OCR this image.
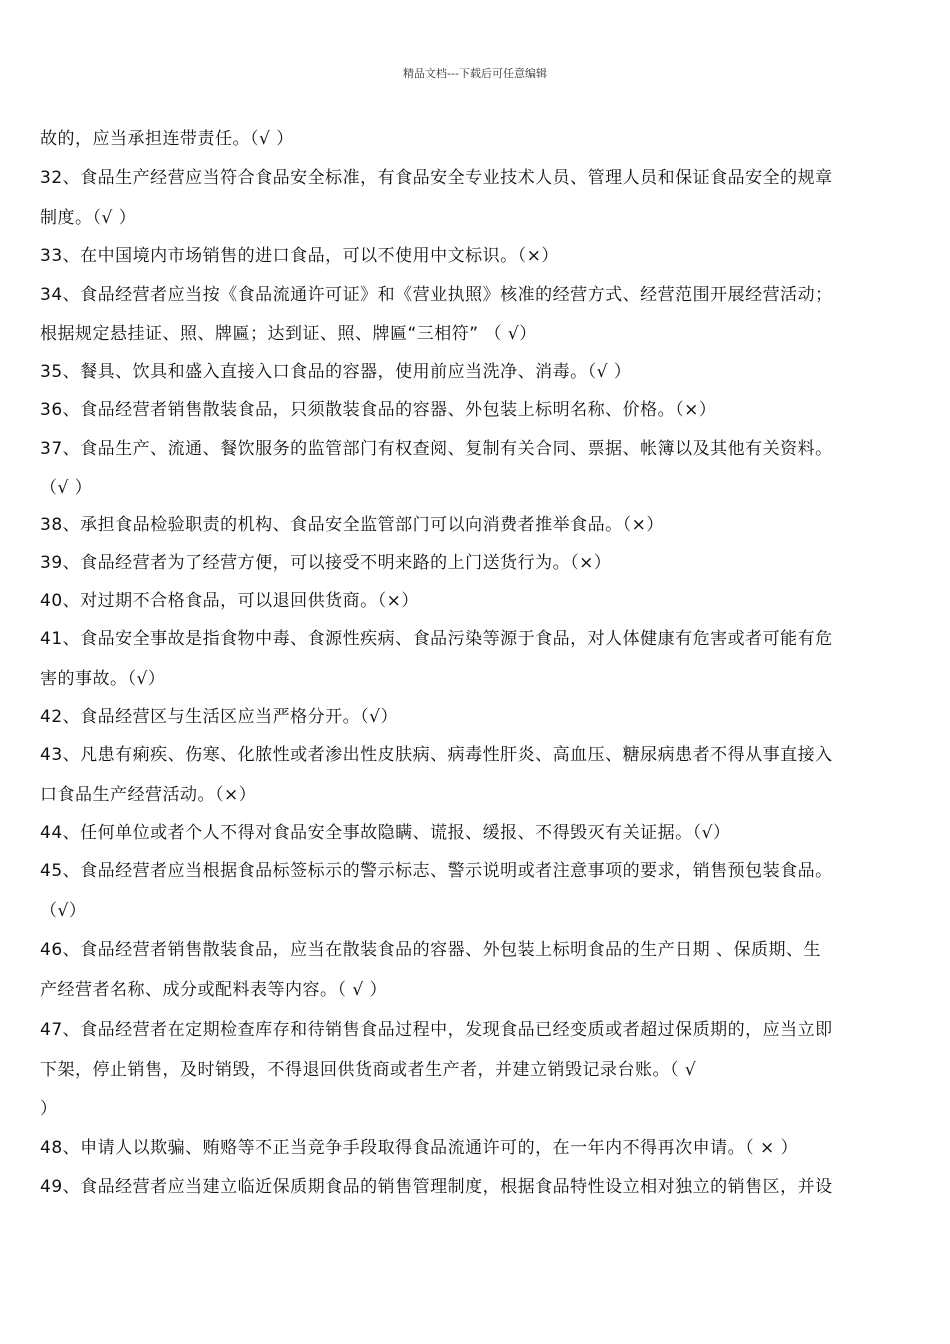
精品文档---下载后可任意编辑
故的，应当承担连带责任。（√ ）
32、食品生产经营应当符合食品安全标准，有食品安全专业技术人员、管理人员和保证食品安全的规章
制度。（√ ）
33、在中国境内市场销售的进口食品，可以不使用中文标识。（×）
34、食品经营者应当按《食品流通许可证》和《营业执照》核准的经营方式、经营范围开展经营活动；
根据规定悬挂证、照、牌匾；达到证、照、牌匾“三相符” （ √）
35、餐具、饮具和盛入直接入口食品的容器，使用前应当洗净、消毒。（√ ）
36、食品经营者销售散装食品，只须散装食品的容器、外包装上标明名称、价格。（×）
37、食品生产、流通、餐饮服务的监管部门有权查阅、复制有关合同、票据、帐簿以及其他有关资料。
（√ ）
38、承担食品检验职责的机构、食品安全监管部门可以向消费者推举食品。（×）
39、食品经营者为了经营方便，可以接受不明来路的上门送货行为。（×）
40、对过期不合格食品，可以退回供货商。（×）
41、食品安全事故是指食物中毒、食源性疾病、食品污染等源于食品，对人体健康有危害或者可能有危
害的事故。（√）
42、食品经营区与生活区应当严格分开。（√）
43、凡患有痢疾、伤寒、化脓性或者渗出性皮肤病、病毒性肝炎、高血压、糖尿病患者不得从事直接入
口食品生产经营活动。（×）
44、任何单位或者个人不得对食品安全事故隐瞒、谎报、缓报、不得毁灭有关证据。（√）
45、食品经营者应当根据食品标签标示的警示标志、警示说明或者注意事项的要求，销售预包装食品。
（√）
46、食品经营者销售散装食品，应当在散装食品的容器、外包装上标明食品的生产日期 、保质期、生
产经营者名称、成分或配料表等内容。（ √ ）
47、食品经营者在定期检查库存和待销售食品过程中，发现食品已经变质或者超过保质期的，应当立即
下架，停止销售，及时销毁，不得退回供货商或者生产者，并建立销毁记录台账。（ √
）
48、申请人以欺骗、贿赂等不正当竞争手段取得食品流通许可的，在一年内不得再次申请。（ × ）
49、食品经营者应当建立临近保质期食品的销售管理制度，根据食品特性设立相对独立的销售区，并设
